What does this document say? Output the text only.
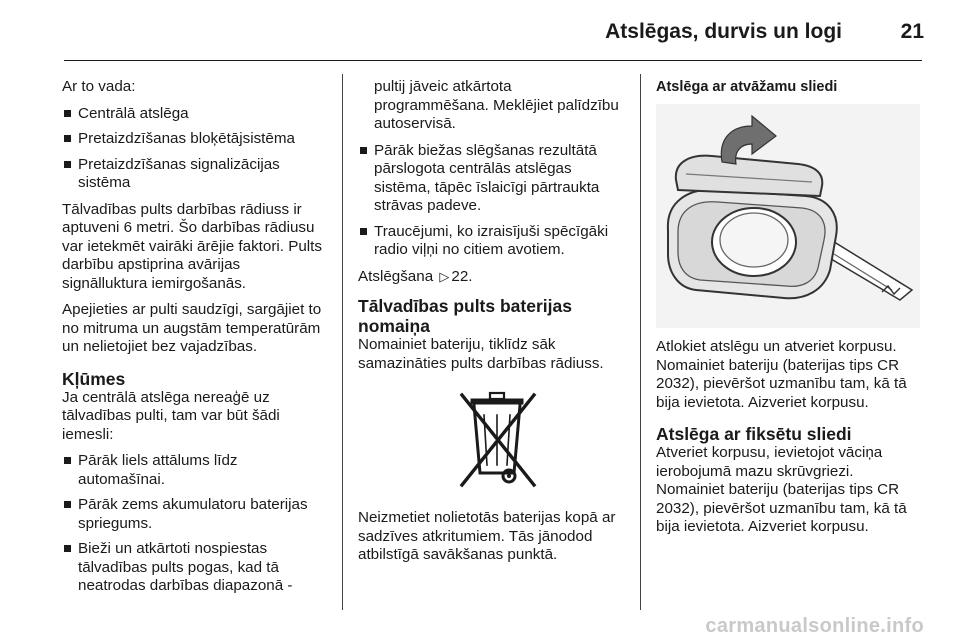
Atslēgas, durvis un logi	21

Ar to vada:

Centrālā atslēga
Pretaizdzīšanas bloķētājsistēma
Pretaizdzīšanas signalizācijas sistēma

Tālvadības pults darbības rādiuss ir aptuveni 6 metri. Šo darbības rādiusu var ietekmēt vairāki ārējie faktori. Pults darbību apstiprina avārijas signālluktura iemirgošanās.

Apejieties ar pulti saudzīgi, sargājiet to no mitruma un augstām temperatūrām un nelietojiet bez vajadzības.

Kļūmes

Ja centrālā atslēga nereaģē uz tālvadības pulti, tam var būt šādi iemesli:

Pārāk liels attālums līdz automašīnai.
Pārāk zems akumulatoru baterijas spriegums.
Bieži un atkārtoti nospiestas tālvadības pults pogas, kad tā neatrodas darbības diapazonā -

pultij jāveic atkārtota programmēšana. Meklējiet palīdzību autoservisā.

Pārāk biežas slēgšanas rezultātā pārslogota centrālās atslēgas sistēma, tāpēc īslaicīgi pārtraukta strāvas padeve.
Traucējumi, ko izraisījuši spēcīgāki radio viļņi no citiem avotiem.

Atslēgšana ▷ 22.

Tālvadības pults baterijas nomaiņa

Nomainiet bateriju, tiklīdz sāk samazināties pults darbības rādiuss.

Neizmetiet nolietotās baterijas kopā ar sadzīves atkritumiem. Tās jānodod atbilstīgā savākšanas punktā.

Atslēga ar atvāžamu sliedi

Atlokiet atslēgu un atveriet korpusu. Nomainiet bateriju (baterijas tips CR 2032), pievēršot uzmanību tam, kā tā bija ievietota. Aizveriet korpusu.

Atslēga ar fiksētu sliedi

Atveriet korpusu, ievietojot vāciņa ierobojumā mazu skrūvgriezi. Nomainiet bateriju (baterijas tips CR 2032), pievēršot uzmanību tam, kā tā bija ievietota. Aizveriet korpusu.

carmanualsonline.info
